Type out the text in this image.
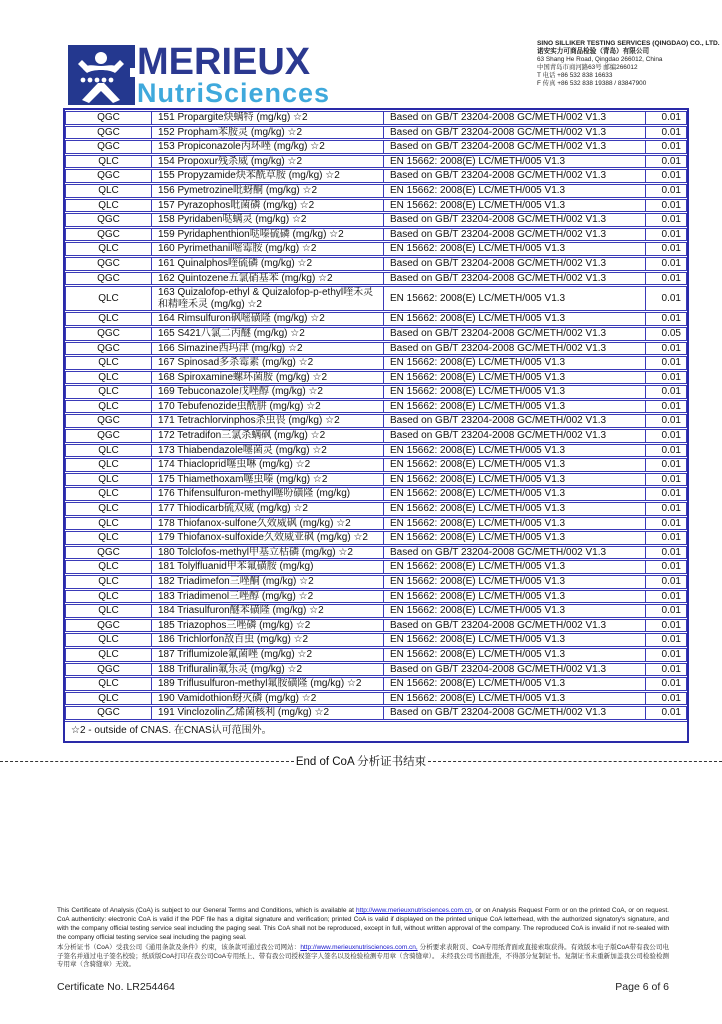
MERIEUX
NutriSciences
SINO SILLIKER TESTING SERVICES (QINGDAO) CO., LTD.
诺安实力可商品检验（青岛）有限公司
63 Shang He Road, Qingdao 266012, China
中国青岛市商河路63号 邮编266012
T 电话 +86 532 838 16633
F 传真 +86 532 838 19388 / 83847900
QGC	151 Propargite炔螨特 (mg/kg) ☆2	Based on GB/T 23204-2008 GC/METH/002 V1.3	0.01
QGC	152 Propham苯胺灵 (mg/kg) ☆2	Based on GB/T 23204-2008 GC/METH/002 V1.3	0.01
QGC	153 Propiconazole丙环唑 (mg/kg) ☆2	Based on GB/T 23204-2008 GC/METH/002 V1.3	0.01
QLC	154 Propoxur残杀威 (mg/kg) ☆2	EN 15662: 2008(E) LC/METH/005 V1.3	0.01
QGC	155 Propyzamide炔苯酰草胺 (mg/kg) ☆2	Based on GB/T 23204-2008 GC/METH/002 V1.3	0.01
QLC	156 Pymetrozine吡蚜酮 (mg/kg) ☆2	EN 15662: 2008(E) LC/METH/005 V1.3	0.01
QLC	157 Pyrazophos吡菌磷 (mg/kg) ☆2	EN 15662: 2008(E) LC/METH/005 V1.3	0.01
QGC	158 Pyridaben哒螨灵 (mg/kg) ☆2	Based on GB/T 23204-2008 GC/METH/002 V1.3	0.01
QGC	159 Pyridaphenthion哒嗪硫磷 (mg/kg) ☆2	Based on GB/T 23204-2008 GC/METH/002 V1.3	0.01
QLC	160 Pyrimethanil嘧霉胺 (mg/kg) ☆2	EN 15662: 2008(E) LC/METH/005 V1.3	0.01
QGC	161 Quinalphos喹硫磷 (mg/kg) ☆2	Based on GB/T 23204-2008 GC/METH/002 V1.3	0.01
QGC	162 Quintozene五氯硝基苯 (mg/kg) ☆2	Based on GB/T 23204-2008 GC/METH/002 V1.3	0.01
QLC	163 Quizalofop-ethyl & Quizalofop-p-ethyl喹禾灵和精喹禾灵 (mg/kg) ☆2	EN 15662: 2008(E) LC/METH/005 V1.3	0.01
QLC	164 Rimsulfuron砜嘧磺隆 (mg/kg) ☆2	EN 15662: 2008(E) LC/METH/005 V1.3	0.01
QGC	165 S421八氯二丙醚 (mg/kg) ☆2	Based on GB/T 23204-2008 GC/METH/002 V1.3	0.05
QGC	166 Simazine西玛津 (mg/kg) ☆2	Based on GB/T 23204-2008 GC/METH/002 V1.3	0.01
QLC	167 Spinosad多杀霉素 (mg/kg) ☆2	EN 15662: 2008(E) LC/METH/005 V1.3	0.01
QLC	168 Spiroxamine螺环菌胺 (mg/kg) ☆2	EN 15662: 2008(E) LC/METH/005 V1.3	0.01
QLC	169 Tebuconazole戊唑醇 (mg/kg) ☆2	EN 15662: 2008(E) LC/METH/005 V1.3	0.01
QLC	170 Tebufenozide虫酰肼 (mg/kg) ☆2	EN 15662: 2008(E) LC/METH/005 V1.3	0.01
QGC	171 Tetrachlorvinphos杀虫畏 (mg/kg) ☆2	Based on GB/T 23204-2008 GC/METH/002 V1.3	0.01
QGC	172 Tetradifon三氯杀螨砜 (mg/kg) ☆2	Based on GB/T 23204-2008 GC/METH/002 V1.3	0.01
QLC	173 Thiabendazole噻菌灵 (mg/kg) ☆2	EN 15662: 2008(E) LC/METH/005 V1.3	0.01
QLC	174 Thiacloprid噻虫啉 (mg/kg) ☆2	EN 15662: 2008(E) LC/METH/005 V1.3	0.01
QLC	175 Thiamethoxam噻虫嗪 (mg/kg) ☆2	EN 15662: 2008(E) LC/METH/005 V1.3	0.01
QLC	176 Thifensulfuron-methyl噻吩磺隆 (mg/kg)	EN 15662: 2008(E) LC/METH/005 V1.3	0.01
QLC	177 Thiodicarb硫双威 (mg/kg) ☆2	EN 15662: 2008(E) LC/METH/005 V1.3	0.01
QLC	178 Thiofanox-sulfone久效威砜 (mg/kg) ☆2	EN 15662: 2008(E) LC/METH/005 V1.3	0.01
QLC	179 Thiofanox-sulfoxide久效威亚砜 (mg/kg) ☆2	EN 15662: 2008(E) LC/METH/005 V1.3	0.01
QGC	180 Tolclofos-methyl甲基立枯磷 (mg/kg) ☆2	Based on GB/T 23204-2008 GC/METH/002 V1.3	0.01
QLC	181 Tolylfluanid甲苯氟磺胺 (mg/kg)	EN 15662: 2008(E) LC/METH/005 V1.3	0.01
QLC	182 Triadimefon三唑酮 (mg/kg) ☆2	EN 15662: 2008(E) LC/METH/005 V1.3	0.01
QLC	183 Triadimenol三唑醇 (mg/kg) ☆2	EN 15662: 2008(E) LC/METH/005 V1.3	0.01
QLC	184 Triasulfuron醚苯磺隆 (mg/kg) ☆2	EN 15662: 2008(E) LC/METH/005 V1.3	0.01
QGC	185 Triazophos三唑磷 (mg/kg) ☆2	Based on GB/T 23204-2008 GC/METH/002 V1.3	0.01
QLC	186 Trichlorfon敌百虫 (mg/kg) ☆2	EN 15662: 2008(E) LC/METH/005 V1.3	0.01
QLC	187 Triflumizole氟菌唑 (mg/kg) ☆2	EN 15662: 2008(E) LC/METH/005 V1.3	0.01
QGC	188 Trifluralin氟乐灵 (mg/kg) ☆2	Based on GB/T 23204-2008 GC/METH/002 V1.3	0.01
QLC	189 Triflusulfuron-methyl氟胺磺隆 (mg/kg) ☆2	EN 15662: 2008(E) LC/METH/005 V1.3	0.01
QLC	190 Vamidothion蚜灭磷 (mg/kg) ☆2	EN 15662: 2008(E) LC/METH/005 V1.3	0.01
QGC	191 Vinclozolin乙烯菌核利 (mg/kg) ☆2	Based on GB/T 23204-2008 GC/METH/002 V1.3	0.01
☆2 - outside of CNAS. 在CNAS认可范围外。
End of CoA 分析证书结束
This Certificate of Analysis (CoA) is subject to our General Terms and Conditions, which is available at http://www.merieuxnutrisciences.com.cn, or on Analysis Request Form or on the printed CoA, or on request. CoA authenticity: electronic CoA is valid if the PDF file has a digital signature and verification; printed CoA is valid if displayed on the printed unique CoA letterhead, with the authorized signatory's signature, and with the company official testing service seal including the paging seal. This CoA shall not be reproduced, except in full, without written approval of the company. The reproduced CoA is invalid if not re-sealed with the company official testing service seal including the paging seal.
本分析证书（CoA）受我公司《通用条款及条件》约束，该条款可通过我公司网站：http://www.merieuxnutrisciences.com.cn, 分析要求表附页、CoA专用纸背面或直接索取获得。有效版本电子版CoA带有我公司电子签名并通过电子签名校验；纸质版CoA打印在我公司CoA专用纸上、带有我公司授权签字人签名以及检验检测专用章（含骑缝章）。 未经我公司书面批准，不得部分复制证书。复制证书未重新加盖我公司检验检测专用章（含骑缝章）无效。
Certificate No. LR254464	Page 6 of 6
